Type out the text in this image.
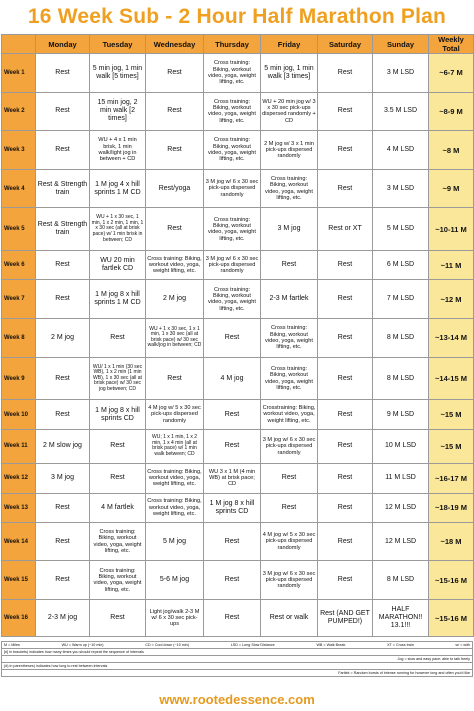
16 Week Sub - 2 Hour Half Marathon Plan
	Monday	Tuesday	Wednesday	Thursday	Friday	Saturday	Sunday	Weekly Total
Week 1	Rest	5 min jog, 1 min walk [5 times]	Rest	Cross training: Biking, workout video, yoga, weight lifting, etc.	5 min jog, 1 min walk [3 times]	Rest	3 M LSD	~6-7 M
Week 2	Rest	15 min jog, 2 min walk [2 times]	Rest	Cross training: Biking, workout video, yoga, weight lifting, etc.	WU + 20 min jog w/ 3 x 30 sec pick-ups dispersed randomly + CD	Rest	3.5 M LSD	~8-9 M
Week 3	Rest	WU + 4 x 1 min brisk, 1 min walk/light jog in between + CD	Rest	Cross training: Biking, workout video, yoga, weight lifting, etc.	2 M jog w/ 3 x 1 min pick-ups dispersed randomly	Rest	4 M LSD	~8 M
Week 4	Rest & Strength train	1 M jog 4 x hill sprints 1 M CD	Rest/yoga	3 M jog w/ 6 x 30 sec pick-ups dispersed randomly	Cross training: Biking, workout video, yoga, weight lifting, etc.	Rest	3 M LSD	~9 M
Week 5	Rest & Strength train	WU + 1 x 30 sec, 1 min, 1 x 2 min, 1 min, 1 x 30 sec (all at brisk pace) w/ 1 min brisk in between; CD	Rest	Cross training: Biking, workout video, yoga, weight lifting, etc.	3 M jog	Rest or XT	5 M LSD	~10-11 M
Week 6	Rest	WU 20 min fartlek CD	Cross training: Biking, workout video, yoga, weight lifting, etc.	3 M jog w/ 6 x 30 sec pick-ups dispersed randomly	Rest	Rest	6 M LSD	~11 M
Week 7	Rest	1 M jog 8 x hill sprints 1 M CD	2 M jog	Cross training: Biking, workout video, yoga, weight lifting, etc.	2-3 M fartlek	Rest	7 M LSD	~12 M
Week 8	2 M jog	Rest	WU + 1 x 30 sec, 1 x 1 min, 1 x 30 sec (all at brisk pace) w/ 30 sec walk/jog in between; CD	Rest	Cross training: Biking, workout video, yoga, weight lifting, etc.	Rest	8 M LSD	~13-14 M
Week 9	Rest	WU/ 1 x 1 min (30 sec WB), 1 x 2 min (1 min WB), 1 x 30 sec (all at brisk pace) w/ 30 sec jog between; CD	Rest	4 M jog	Cross training: Biking, workout video, yoga, weight lifting, etc.	Rest	8 M LSD	~14-15 M
Week 10	Rest	1 M jog 8 x hill sprints CD	4 M jog w/ 5 x 30 sec pick-ups dispersed randomly	Rest	Crosstraining: Biking, workout video, yoga, weight lifting, etc.	Rest	9 M LSD	~15 M
Week 11	2 M slow jog	Rest	WU; 1 x 1 min, 1 x 2 min, 1 x 4 min (all at brisk pace) w/ 1 min walk between; CD	Rest	3 M jog w/ 6 x 30 sec pick-ups dispersed randomly	Rest	10 M LSD	~15 M
Week 12	3 M jog	Rest	Cross training: Biking, workout video, yoga, weight lifting, etc.	WU 3 x 1 M (4 min WB) at brisk pace; CD	Rest	Rest	11 M LSD	~16-17 M
Week 13	Rest	4 M fartlek	Cross training: Biking, workout video, yoga, weight lifting, etc.	1 M jog 8 x hill sprints CD	Rest	Rest	12 M LSD	~18-19 M
Week 14	Rest	Cross training: Biking, workout video, yoga, weight lifting, etc.	5 M jog	Rest	4 M jog w/ 5 x 30 sec pick-ups dispersed randomly	Rest	12 M LSD	~18 M
Week 15	Rest	Cross training: Biking, workout video, yoga, weight lifting, etc.	5-6 M jog	Rest	3 M jog w/ 6 x 30 sec pick-ups dispersed randomly	Rest	8 M LSD	~15-16 M
Week 16	2-3 M jog	Rest	Light jog/walk 2-3 M w/ 6 x 30 sec pick-ups	Rest	Rest or walk	Rest (AND GET PUMPED!)	HALF MARATHON!! 13.1!!!	~15-16 M
M = Miles	WU = Warm up (~10 min)	CD = Cool down (~10 min)	LSD = Long Slow Distance	WB = Walk Break	XT = Cross train	w/ = with
[#] in brackets) indicates how many times you should repeat the sequence of intervals
Jog = slow and easy pace; able to talk freely
(#) in parentheses) indicates how long to rest between intervals
Fartlek = Random bursts of intense running for however long and often you'd like
www.rootedessence.com
